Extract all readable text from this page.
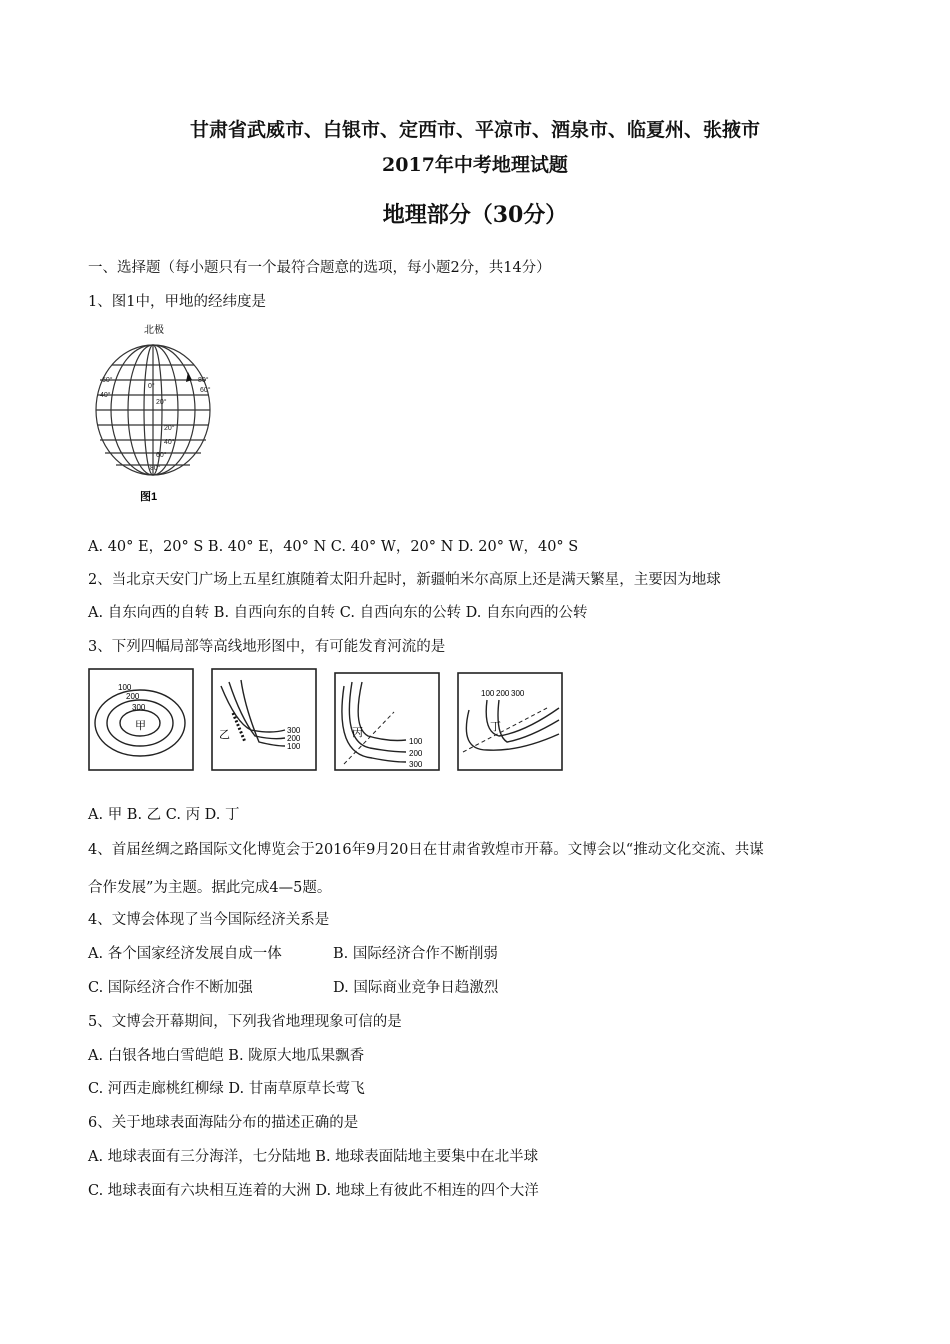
甘肃省武威市、白银市、定西市、平凉市、酒泉市、临夏州、张掖市
2017年中考地理试题
地理部分（30分）
一、选择题（每小题只有一个最符合题意的选项，每小题2分，共14分）
1、图1中，甲地的经纬度是
北极
60°
40°
0°
20°
20°
40°
60°
80°
80°
60°
图1
A. 40° E，20° S B. 40° E，40° N C. 40° W，20° N D. 20° W，40° S
2、当北京天安门广场上五星红旗随着太阳升起时，新疆帕米尔高原上还是满天繁星，主要因为地球
A. 自东向西的自转 B. 自西向东的自转 C. 自西向东的公转 D. 自东向西的公转
3、下列四幅局部等高线地形图中，有可能发育河流的是
100
200
300
甲	300
200
100
乙
100
200
300
丙
100 200 300
丁
A. 甲 B. 乙 C. 丙 D. 丁
4、首届丝绸之路国际文化博览会于2016年9月20日在甘肃省敦煌市开幕。文博会以“推动文化交流、共谋
合作发展”为主题。据此完成4—5题。
4、文博会体现了当今国际经济关系是
A. 各个国家经济发展自成一体	B. 国际经济合作不断削弱
C. 国际经济合作不断加强	D. 国际商业竞争日趋激烈
5、文博会开幕期间，下列我省地理现象可信的是
A. 白银各地白雪皑皑 B. 陇原大地瓜果飘香
C. 河西走廊桃红柳绿 D. 甘南草原草长莺飞
6、关于地球表面海陆分布的描述正确的是
A. 地球表面有三分海洋，七分陆地 B. 地球表面陆地主要集中在北半球
C. 地球表面有六块相互连着的大洲 D. 地球上有彼此不相连的四个大洋
